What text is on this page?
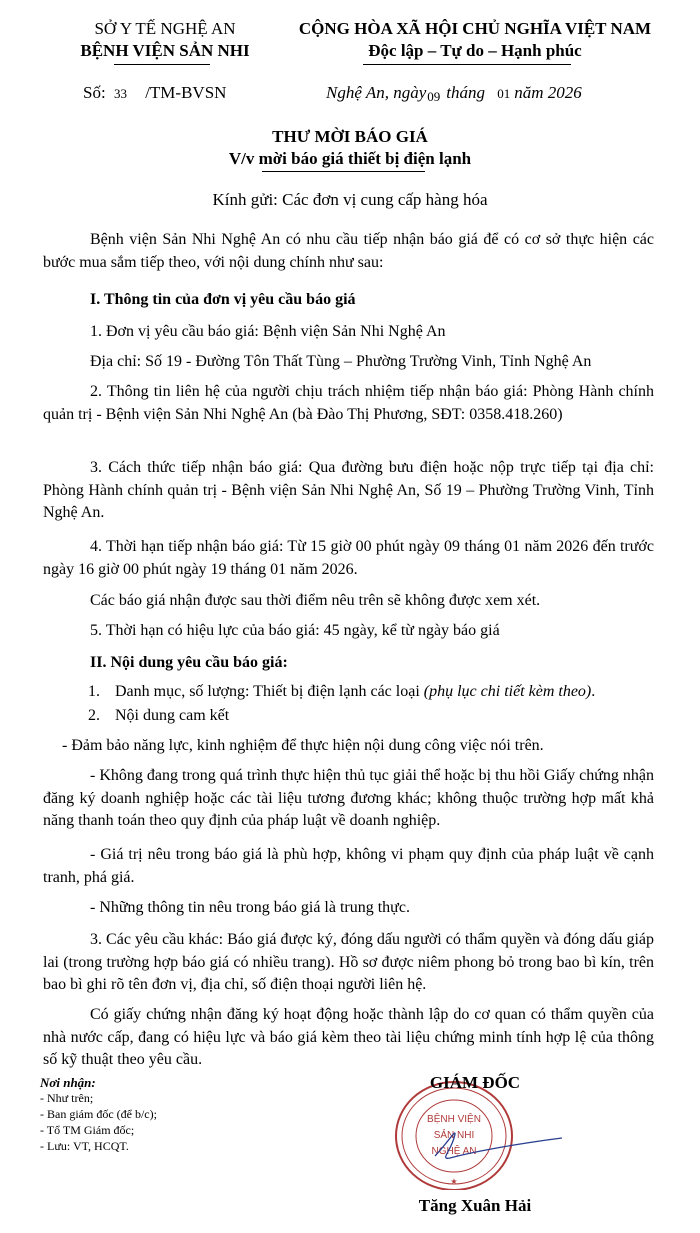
SỞ Y TẾ NGHỆ AN
BỆNH VIỆN SẢN NHI
CỘNG HÒA XÃ HỘI CHỦ NGHĨA VIỆT NAM
Độc lập – Tự do – Hạnh phúc
Số: 33 /TM-BVSN	Nghệ An, ngày09 tháng 01 năm 2026
THƯ MỜI BÁO GIÁ
V/v mời báo giá thiết bị điện lạnh
Kính gửi: Các đơn vị cung cấp hàng hóa
Bệnh viện Sản Nhi Nghệ An có nhu cầu tiếp nhận báo giá để có cơ sở thực hiện các bước mua sắm tiếp theo, với nội dung chính như sau:
I. Thông tin của đơn vị yêu cầu báo giá
1. Đơn vị yêu cầu báo giá: Bệnh viện Sản Nhi Nghệ An
Địa chỉ: Số 19 - Đường Tôn Thất Tùng – Phường Trường Vinh, Tỉnh Nghệ An
2. Thông tin liên hệ của người chịu trách nhiệm tiếp nhận báo giá: Phòng Hành chính quản trị - Bệnh viện Sản Nhi Nghệ An (bà Đào Thị Phương, SĐT: 0358.418.260)
3. Cách thức tiếp nhận báo giá: Qua đường bưu điện hoặc nộp trực tiếp tại địa chỉ: Phòng Hành chính quản trị - Bệnh viện Sản Nhi Nghệ An, Số 19 – Phường Trường Vinh, Tỉnh Nghệ An.
4. Thời hạn tiếp nhận báo giá: Từ 15 giờ 00 phút ngày 09 tháng 01 năm 2026 đến trước ngày 16 giờ 00 phút ngày 19 tháng 01 năm 2026.
Các báo giá nhận được sau thời điểm nêu trên sẽ không được xem xét.
5. Thời hạn có hiệu lực của báo giá: 45 ngày, kể từ ngày báo giá
II. Nội dung yêu cầu báo giá:
1. Danh mục, số lượng: Thiết bị điện lạnh các loại (phụ lục chi tiết kèm theo).
2. Nội dung cam kết
- Đảm bảo năng lực, kinh nghiệm để thực hiện nội dung công việc nói trên.
- Không đang trong quá trình thực hiện thủ tục giải thể hoặc bị thu hồi Giấy chứng nhận đăng ký doanh nghiệp hoặc các tài liệu tương đương khác; không thuộc trường hợp mất khả năng thanh toán theo quy định của pháp luật về doanh nghiệp.
- Giá trị nêu trong báo giá là phù hợp, không vi phạm quy định của pháp luật về cạnh tranh, phá giá.
- Những thông tin nêu trong báo giá là trung thực.
3. Các yêu cầu khác: Báo giá được ký, đóng dấu người có thẩm quyền và đóng dấu giáp lai (trong trường hợp báo giá có nhiều trang). Hồ sơ được niêm phong bỏ trong bao bì kín, trên bao bì ghi rõ tên đơn vị, địa chỉ, số điện thoại người liên hệ.
Có giấy chứng nhận đăng ký hoạt động hoặc thành lập do cơ quan có thẩm quyền của nhà nước cấp, đang có hiệu lực và báo giá kèm theo tài liệu chứng minh tính hợp lệ của thông số kỹ thuật theo yêu cầu.
Nơi nhận:
- Như trên;
- Ban giám đốc (để b/c);
- Tổ TM Giám đốc;
- Lưu: VT, HCQT.
BỆNH VIỆN
SẢN NHI
NGHỆ AN
★
GIÁM ĐỐC
Tăng Xuân Hải
